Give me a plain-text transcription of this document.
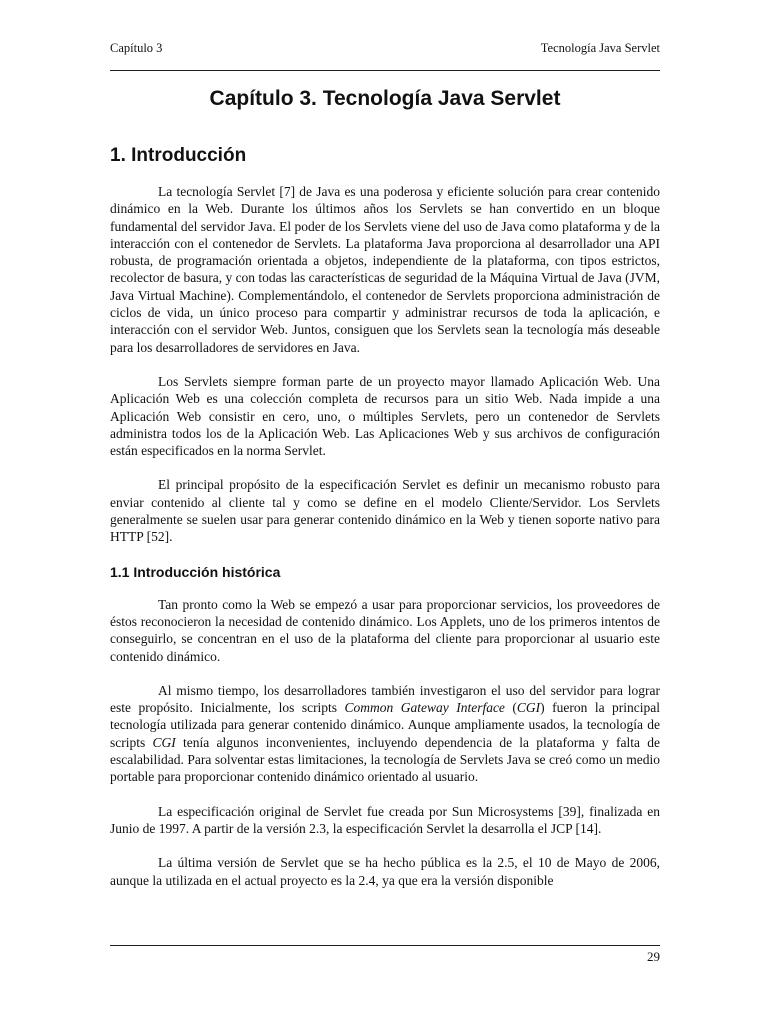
Capítulo 3	Tecnología Java Servlet
Capítulo 3. Tecnología Java Servlet
1. Introducción

La tecnología Servlet [7] de Java es una poderosa y eficiente solución para crear contenido dinámico en la Web. Durante los últimos años los Servlets se han convertido en un bloque fundamental del servidor Java. El poder de los Servlets viene del uso de Java como plataforma y de la interacción con el contenedor de Servlets. La plataforma Java proporciona al desarrollador una API robusta, de programación orientada a objetos, independiente de la plataforma, con tipos estrictos, recolector de basura, y con todas las características de seguridad de la Máquina Virtual de Java (JVM, Java Virtual Machine). Complementándolo, el contenedor de Servlets proporciona administración de ciclos de vida, un único proceso para compartir y administrar recursos de toda la aplicación, e interacción con el servidor Web. Juntos, consiguen que los Servlets sean la tecnología más deseable para los desarrolladores de servidores en Java.

Los Servlets siempre forman parte de un proyecto mayor llamado Aplicación Web. Una Aplicación Web es una colección completa de recursos para un sitio Web. Nada impide a una Aplicación Web consistir en cero, uno, o múltiples Servlets, pero un contenedor de Servlets administra todos los de la Aplicación Web. Las Aplicaciones Web y sus archivos de configuración están especificados en la norma Servlet.

El principal propósito de la especificación Servlet es definir un mecanismo robusto para enviar contenido al cliente tal y como se define en el modelo Cliente/Servidor. Los Servlets generalmente se suelen usar para generar contenido dinámico en la Web y tienen soporte nativo para HTTP [52].

1.1 Introducción histórica

Tan pronto como la Web se empezó a usar para proporcionar servicios, los proveedores de éstos reconocieron la necesidad de contenido dinámico. Los Applets, uno de los primeros intentos de conseguirlo, se concentran en el uso de la plataforma del cliente para proporcionar al usuario este contenido dinámico.

Al mismo tiempo, los desarrolladores también investigaron el uso del servidor para lograr este propósito. Inicialmente, los scripts Common Gateway Interface (CGI) fueron la principal tecnología utilizada para generar contenido dinámico. Aunque ampliamente usados, la tecnología de scripts CGI tenía algunos inconvenientes, incluyendo dependencia de la plataforma y falta de escalabilidad. Para solventar estas limitaciones, la tecnología de Servlets Java se creó como un medio portable para proporcionar contenido dinámico orientado al usuario.

La especificación original de Servlet fue creada por Sun Microsystems [39], finalizada en Junio de 1997. A partir de la versión 2.3, la especificación Servlet la desarrolla el JCP [14].

La última versión de Servlet que se ha hecho pública es la 2.5, el 10 de Mayo de 2006, aunque la utilizada en el actual proyecto es la 2.4, ya que era la versión disponible

29
